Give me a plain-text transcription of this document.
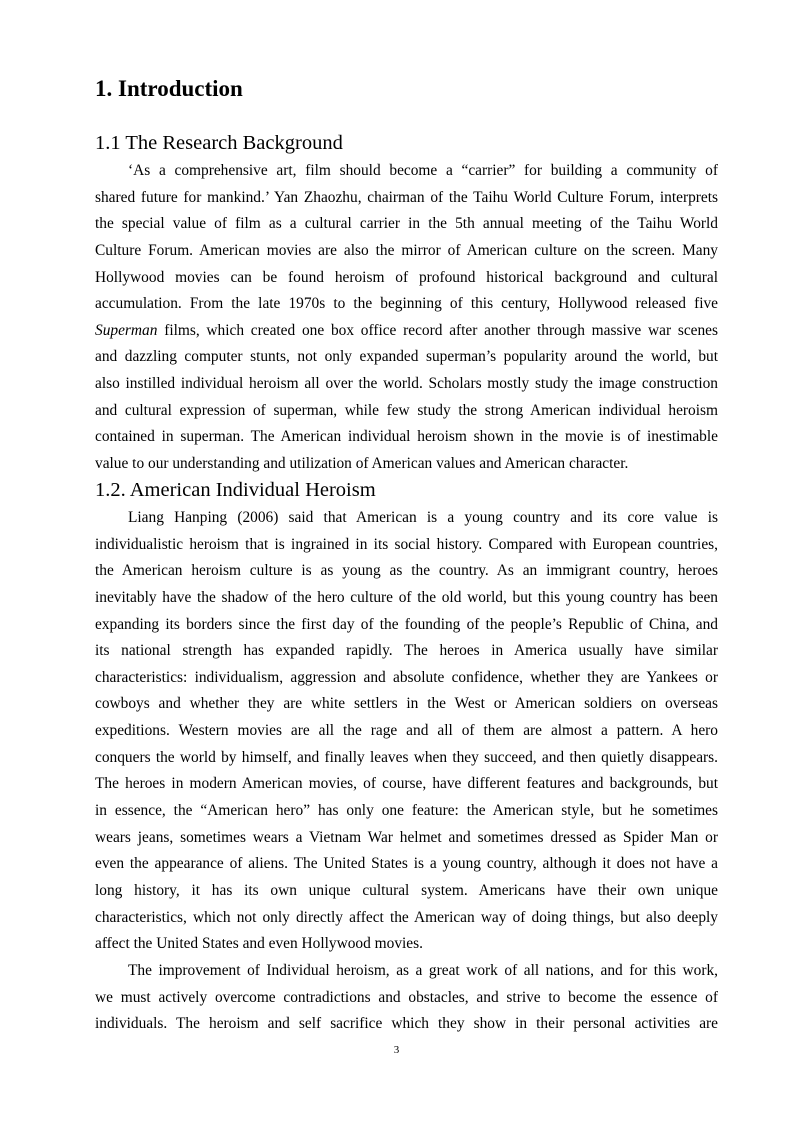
1. Introduction
1.1 The Research Background
‘As a comprehensive art, film should become a “carrier” for building a community of
shared future for mankind.’ Yan Zhaozhu, chairman of the Taihu World Culture Forum, interprets
the special value of film as a cultural carrier in the 5th annual meeting of the Taihu World
Culture Forum. American movies are also the mirror of American culture on the screen. Many
Hollywood movies can be found heroism of profound historical background and cultural
accumulation. From the late 1970s to the beginning of this century, Hollywood released five
Superman films, which created one box office record after another through massive war scenes
and dazzling computer stunts, not only expanded superman’s popularity around the world, but
also instilled individual heroism all over the world. Scholars mostly study the image construction
and cultural expression of superman, while few study the strong American individual heroism
contained in superman. The American individual heroism shown in the movie is of inestimable
value to our understanding and utilization of American values and American character.
1.2. American Individual Heroism
Liang Hanping (2006) said that American is a young country and its core value is
individualistic heroism that is ingrained in its social history. Compared with European countries,
the American heroism culture is as young as the country. As an immigrant country, heroes
inevitably have the shadow of the hero culture of the old world, but this young country has been
expanding its borders since the first day of the founding of the people’s Republic of China, and
its national strength has expanded rapidly. The heroes in America usually have similar
characteristics: individualism, aggression and absolute confidence, whether they are Yankees or
cowboys and whether they are white settlers in the West or American soldiers on overseas
expeditions. Western movies are all the rage and all of them are almost a pattern. A hero
conquers the world by himself, and finally leaves when they succeed, and then quietly disappears.
The heroes in modern American movies, of course, have different features and backgrounds, but
in essence, the “American hero” has only one feature: the American style, but he sometimes
wears jeans, sometimes wears a Vietnam War helmet and sometimes dressed as Spider Man or
even the appearance of aliens. The United States is a young country, although it does not have a
long history, it has its own unique cultural system. Americans have their own unique
characteristics, which not only directly affect the American way of doing things, but also deeply
affect the United States and even Hollywood movies.
The improvement of Individual heroism, as a great work of all nations, and for this work,
we must actively overcome contradictions and obstacles, and strive to become the essence of
individuals. The heroism and self sacrifice which they show in their personal activities are
3
